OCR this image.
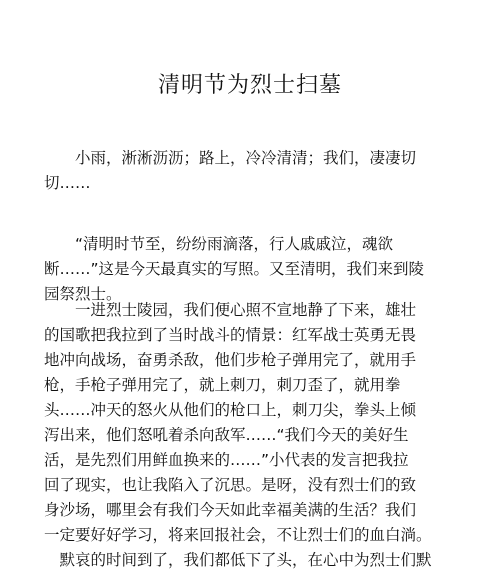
清明节为烈士扫墓

　　小雨，淅淅沥沥；路上，冷冷清清；我们，凄凄切
切……

　　“清明时节至，纷纷雨滴落，行人戚戚泣，魂欲
断……”这是今天最真实的写照。又至清明，我们来到陵
园祭烈士。

　　一进烈士陵园，我们便心照不宣地静了下来，雄壮
的国歌把我拉到了当时战斗的情景：红军战士英勇无畏
地冲向战场，奋勇杀敌，他们步枪子弹用完了，就用手
枪，手枪子弹用完了，就上刺刀，刺刀歪了，就用拳
头……冲天的怒火从他们的枪口上，刺刀尖，拳头上倾
泻出来，他们怒吼着杀向敌军……“我们今天的美好生
活，是先烈们用鲜血换来的……”小代表的发言把我拉
回了现实，也让我陷入了沉思。是呀，没有烈士们的致
身沙场，哪里会有我们今天如此幸福美满的生活？我们
一定要好好学习，将来回报社会，不让烈士们的血白淌。
　默哀的时间到了，我们都低下了头，在心中为烈士们默
